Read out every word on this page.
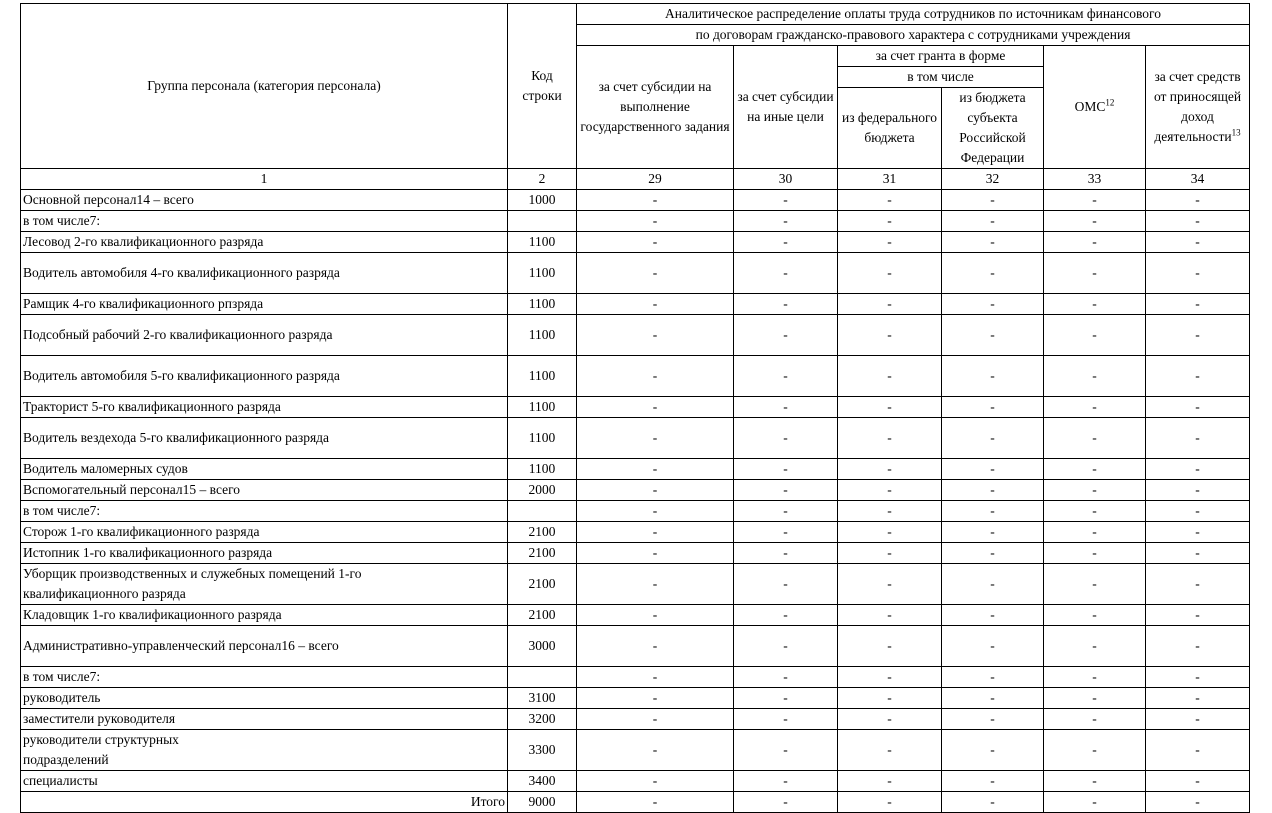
Группа персонала (категория персонала)	Код строки	Аналитическое распределение оплаты труда сотрудников по источникам финансового					
		по договорам гражданско-правового характера с сотрудниками учреждения					
		за счет субсидии на выполнение государственного задания	за счет субсидии на иные цели	за счет гранта в форме		ОМС$^{12}$	за счет средств от приносящей доход деятельности$^{13}$
				в том числе			
				из федерального бюджета	из бюджета субъекта Российской Федерации		

1	2	29	30	31	32	33	34
Основной персонал14 – всего	1000	-	-	-	-	-	-
в том числе7:		-	-	-	-	-	-
Лесовод 2-го квалификационного разряда	1100	-	-	-	-	-	-
Водитель автомобиля 4-го квалификационного разряда	1100	-	-	-	-	-	-
Рамщик 4-го квалификационного рпзряда	1100	-	-	-	-	-	-
Подсобный рабочий 2-го квалификационного разряда	1100	-	-	-	-	-	-
Водитель автомобиля 5-го квалификационного разряда	1100	-	-	-	-	-	-
Тракторист 5-го квалификационного разряда	1100	-	-	-	-	-	-
Водитель вездехода 5-го квалификационного разряда	1100	-	-	-	-	-	-
Водитель маломерных судов	1100	-	-	-	-	-	-
Вспомогательный персонал15 – всего	2000	-	-	-	-	-	-
в том числе7:		-	-	-	-	-	-
Сторож 1-го квалификационного разряда	2100	-	-	-	-	-	-
Истопник 1-го квалификационного разряда	2100	-	-	-	-	-	-
Уборщик производственных и служебных помещений 1-го квалификационного разряда	2100	-	-	-	-	-	-
Кладовщик 1-го квалификационного разряда	2100	-	-	-	-	-	-
Административно-управленческий персонал16 – всего	3000	-	-	-	-	-	-
в том числе7:		-	-	-	-	-	-
руководитель	3100	-	-	-	-	-	-
заместители руководителя	3200	-	-	-	-	-	-
руководители структурных подразделений	3300	-	-	-	-	-	-
специалисты	3400	-	-	-	-	-	-
Итого	9000	-	-	-	-	-	-
